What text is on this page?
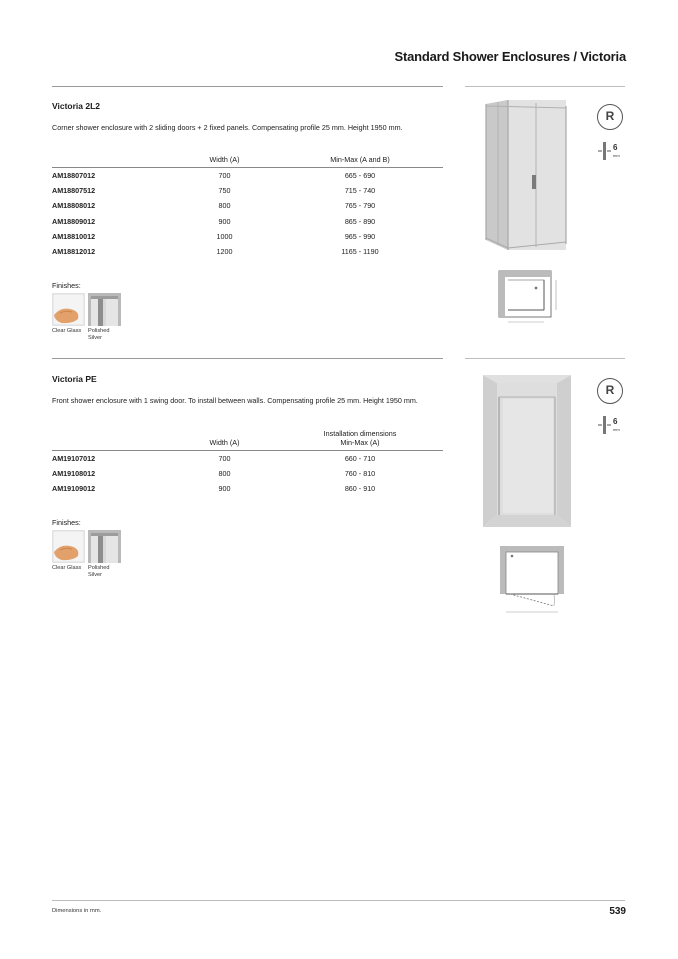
Standard Shower Enclosures / Victoria
Victoria 2L2
Corner shower enclosure with 2 sliding doors + 2 fixed panels. Compensating profile 25 mm. Height 1950 mm.
	Width (A)	Min-Max (A and B)
AM18807012	700	665 - 690
AM18807512	750	715 - 740
AM18808012	800	765 - 790
AM18809012	900	865 - 890
AM18810012	1000	965 - 990
AM18812012	1200	1165 - 1190
Finishes:
Clear Glass	Polished Silver
R
6
mm
Victoria PE
Front shower enclosure with 1 swing door. To install between walls. Compensating profile 25 mm. Height 1950 mm.
	Width (A)	Installation dimensions Min-Max (A)
AM19107012	700	660 - 710
AM19108012	800	760 - 810
AM19109012	900	860 - 910
Finishes:
Clear Glass	Polished Silver
R
6
mm
Dimensions in mm.	539
